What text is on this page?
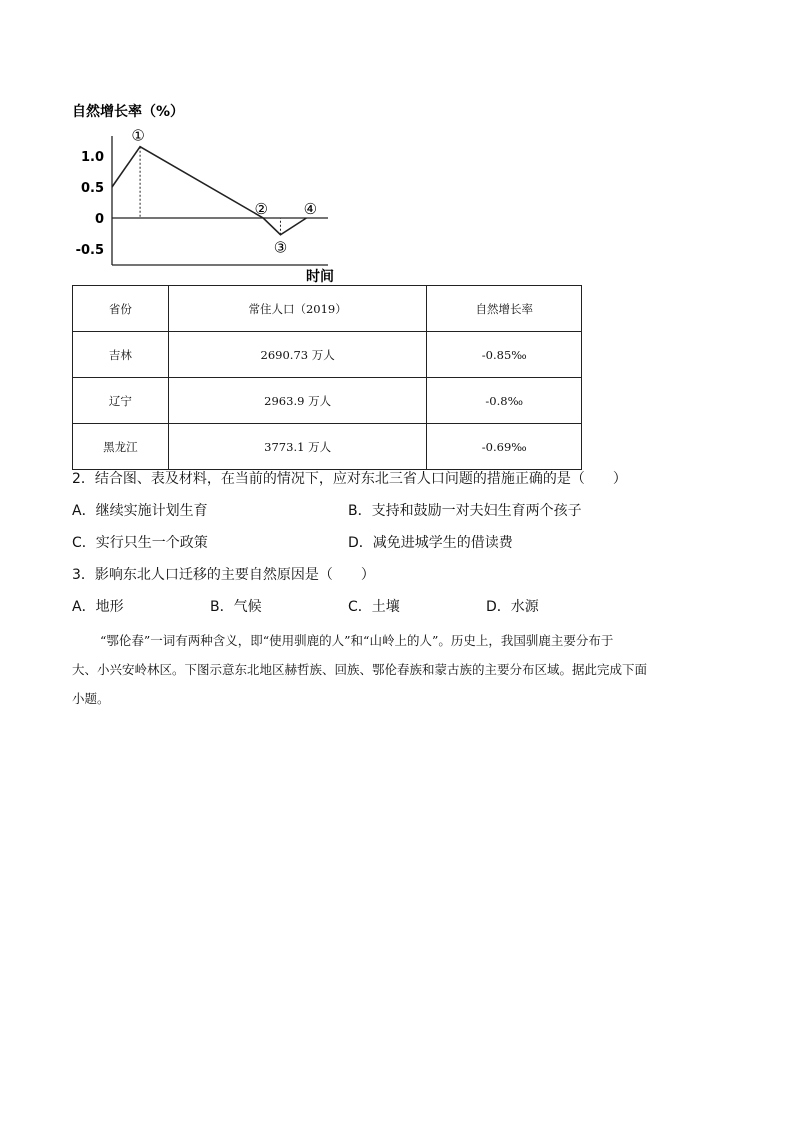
自然增长率（%）
1.0
0.5
0
-0.5
时间
①
②
③
④
省份	常住人口（2019）	自然增长率
吉林	2690.73 万人	-0.85‰
辽宁	2963.9 万人	-0.8‰
黑龙江	3773.1 万人	-0.69‰
2．结合图、表及材料，在当前的情况下，应对东北三省人口问题的措施正确的是（　　）
A．继续实施计划生育	B．支持和鼓励一对夫妇生育两个孩子
C．实行只生一个政策	D．减免进城学生的借读费
3．影响东北人口迁移的主要自然原因是（　　）
A．地形	B．气候	C．土壤	D．水源
“鄂伦春”一词有两种含义，即“使用驯鹿的人”和“山岭上的人”。历史上，我国驯鹿主要分布于
大、小兴安岭林区。下图示意东北地区赫哲族、回族、鄂伦春族和蒙古族的主要分布区域。据此完成下面
小题。
